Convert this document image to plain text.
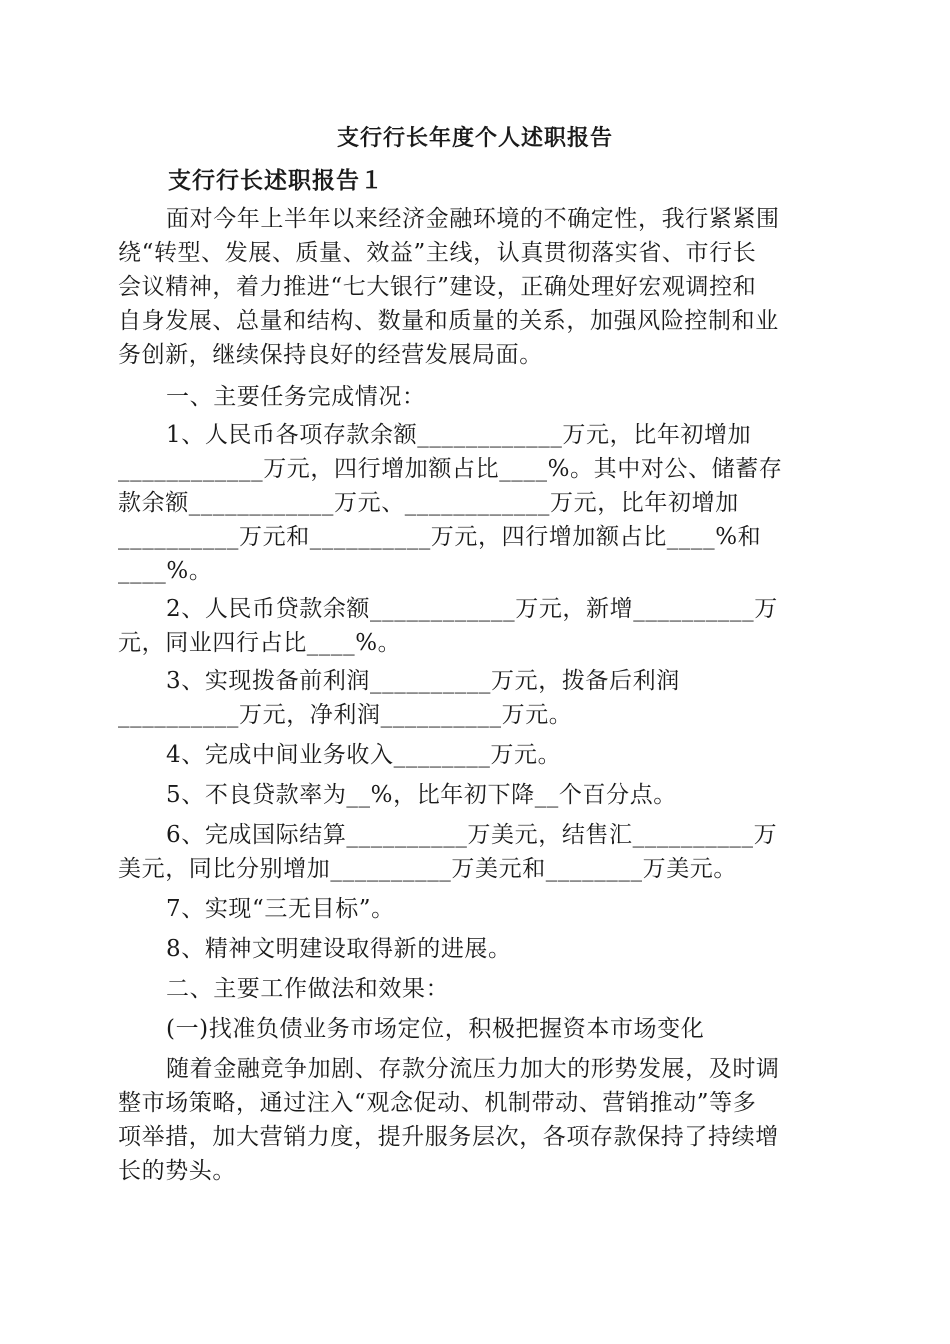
支行行长年度个人述职报告
支行行长述职报告１
面对今年上半年以来经济金融环境的不确定性，我行紧紧围
绕“转型、发展、质量、效益”主线，认真贯彻落实省、市行长
会议精神，着力推进“七大银行”建设，正确处理好宏观调控和
自身发展、总量和结构、数量和质量的关系，加强风险控制和业
务创新，继续保持良好的经营发展局面。
一、主要任务完成情况：
1、人民币各项存款余额____________万元，比年初增加
____________万元，四行增加额占比____%。其中对公、储蓄存
款余额____________万元、____________万元，比年初增加
__________万元和__________万元，四行增加额占比____%和
____%。
2、人民币贷款余额____________万元，新增__________万
元，同业四行占比____%。
3、实现拨备前利润__________万元，拨备后利润
__________万元，净利润__________万元。
4、完成中间业务收入________万元。
5、不良贷款率为__%，比年初下降__个百分点。
6、完成国际结算__________万美元，结售汇__________万
美元，同比分别增加__________万美元和________万美元。
7、实现“三无目标”。
8、精神文明建设取得新的进展。
二、主要工作做法和效果：
(一)找准负债业务市场定位，积极把握资本市场变化
随着金融竞争加剧、存款分流压力加大的形势发展，及时调
整市场策略，通过注入“观念促动、机制带动、营销推动”等多
项举措，加大营销力度，提升服务层次，各项存款保持了持续增
长的势头。
